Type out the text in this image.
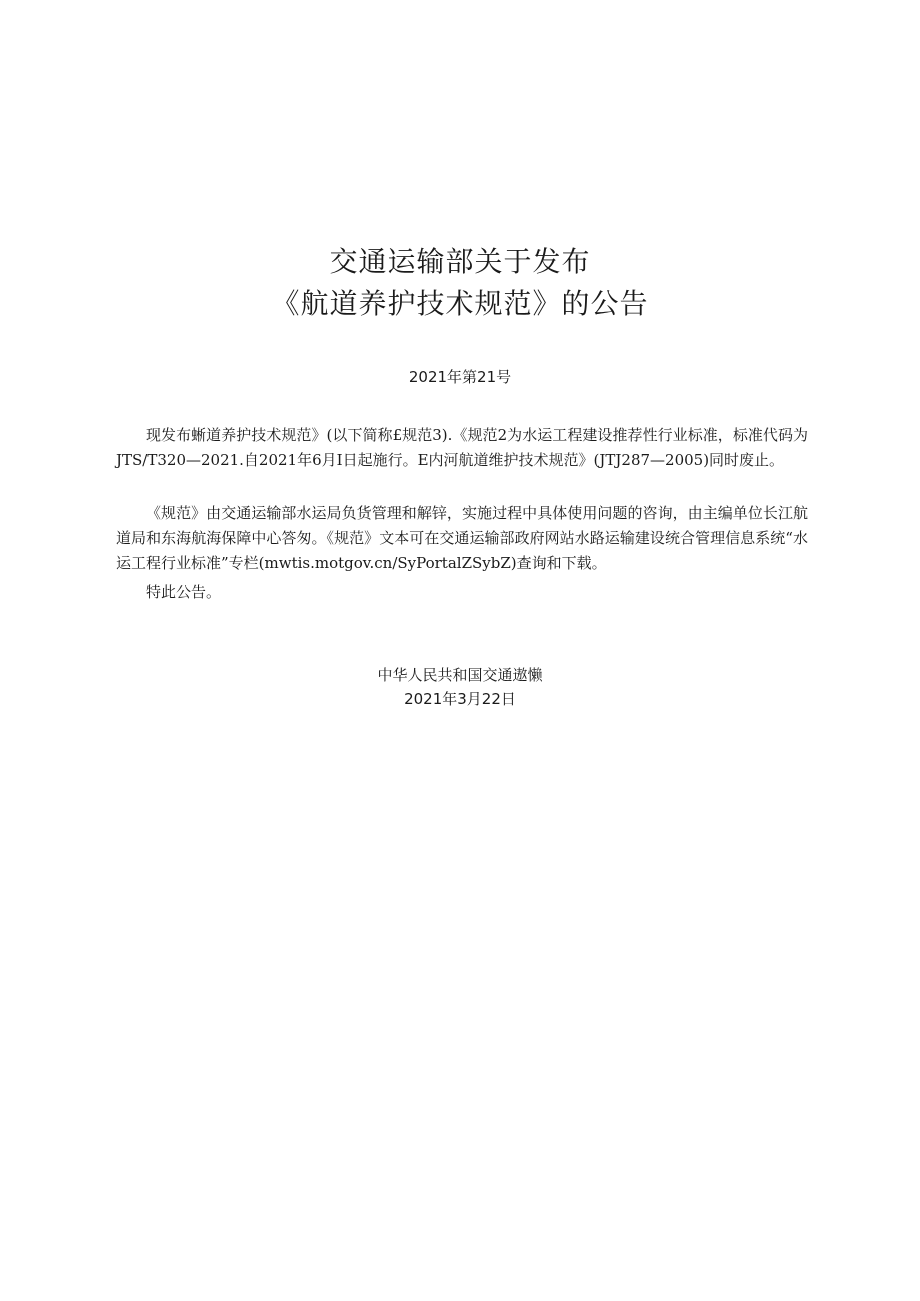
交通运输部关于发布
《航道养护技术规范》的公告
2021年第21号

现发布蜥道养护技术规范》(以下简称£规范3).《规范2为水运工程建设推荐性行业标准，标准代码为JTS/T320—2021.自2021年6月I日起施行。E内河航道维护技术规范》(JTJ287—2005)同时废止。

《规范》由交通运输部水运局负货管理和解锌，实施过程中具体使用问题的咨询，由主编单位长江航道局和东海航海保障中心答匆。《规范》文本可在交通运输部政府网站水路运输建设统合管理信息系统“水运工程行业标准”专栏(mwtis.motgov.cn/SyPortalZSybZ)查询和下载。

特此公告。

中华人民共和国交通遨懒
2021年3月22日
